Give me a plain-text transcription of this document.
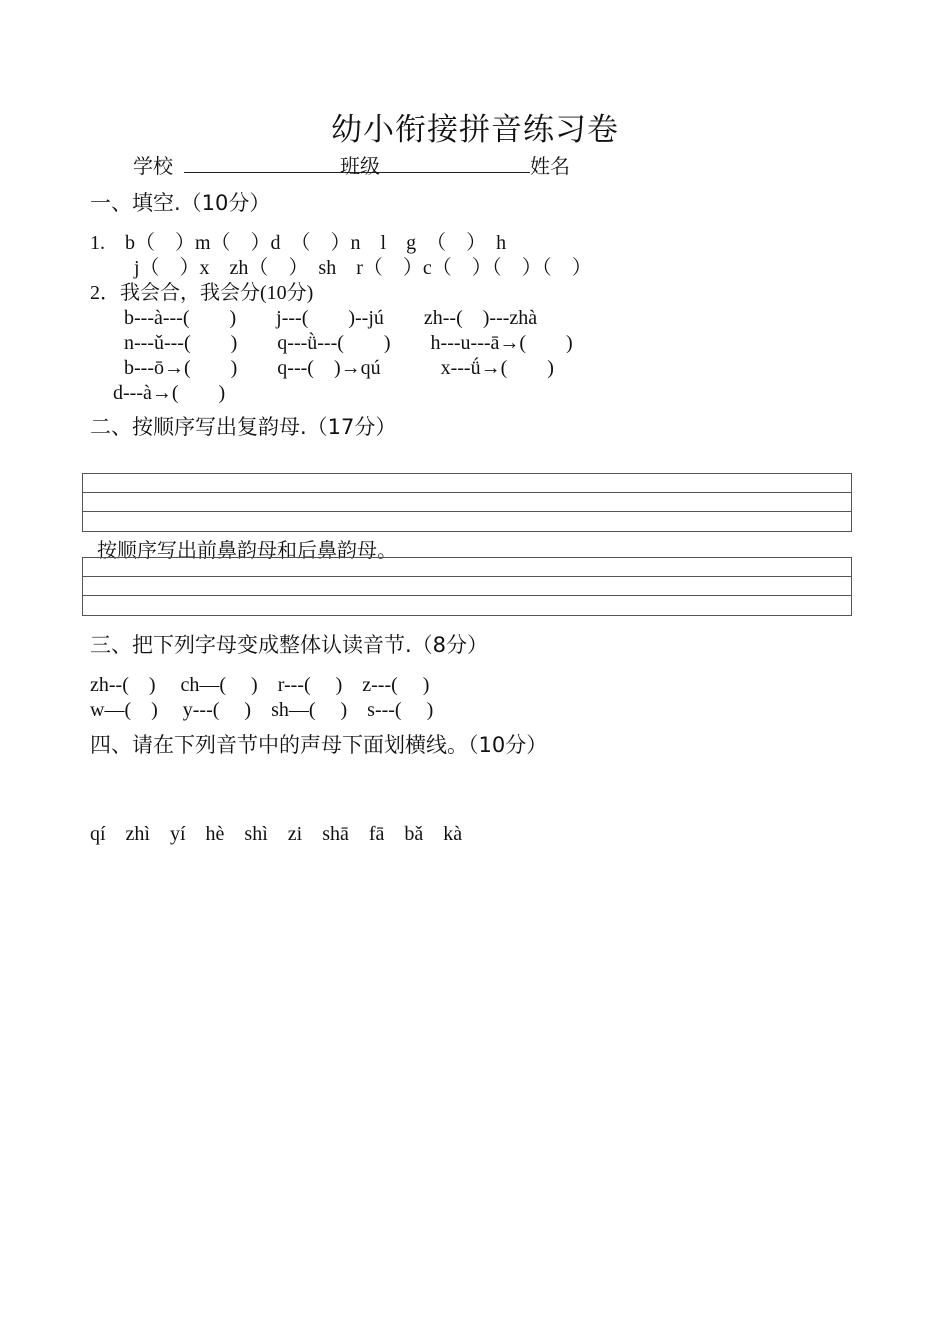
幼小衔接拼音练习卷
学校	班级	姓名
一、填空.（10分）
1.　b（　）m（　）d　（　）n　l　g　（　）　h
j（　）x　zh（　）　sh　r（　）c（　）（　）（　）
2．我会合，我会分(10分)
b---à---(　　)　　j---(　　)--jú　　zh--(　)---zhà
n---ǔ---(　　)　　q---ǜ---(　　)　　h---u---ā→(　　)
b---ō→(　　)　　q---(　)→qú　　　x---ǘ→(　　)
d---à→(　　)
二、按顺序写出复韵母.（17分）
按顺序写出前鼻韵母和后鼻韵母。
三、把下列字母变成整体认读音节.（8分）
zh--(　)　 ch—(　 )　r---(　 )　z---(　 )
w—(　)　 y---(　 )　sh—(　 )　s---(　 )
四、请在下列音节中的声母下面划横线。（10分）
qí　zhì　yí　hè　shì　zi　shā　fā　bǎ　kà
